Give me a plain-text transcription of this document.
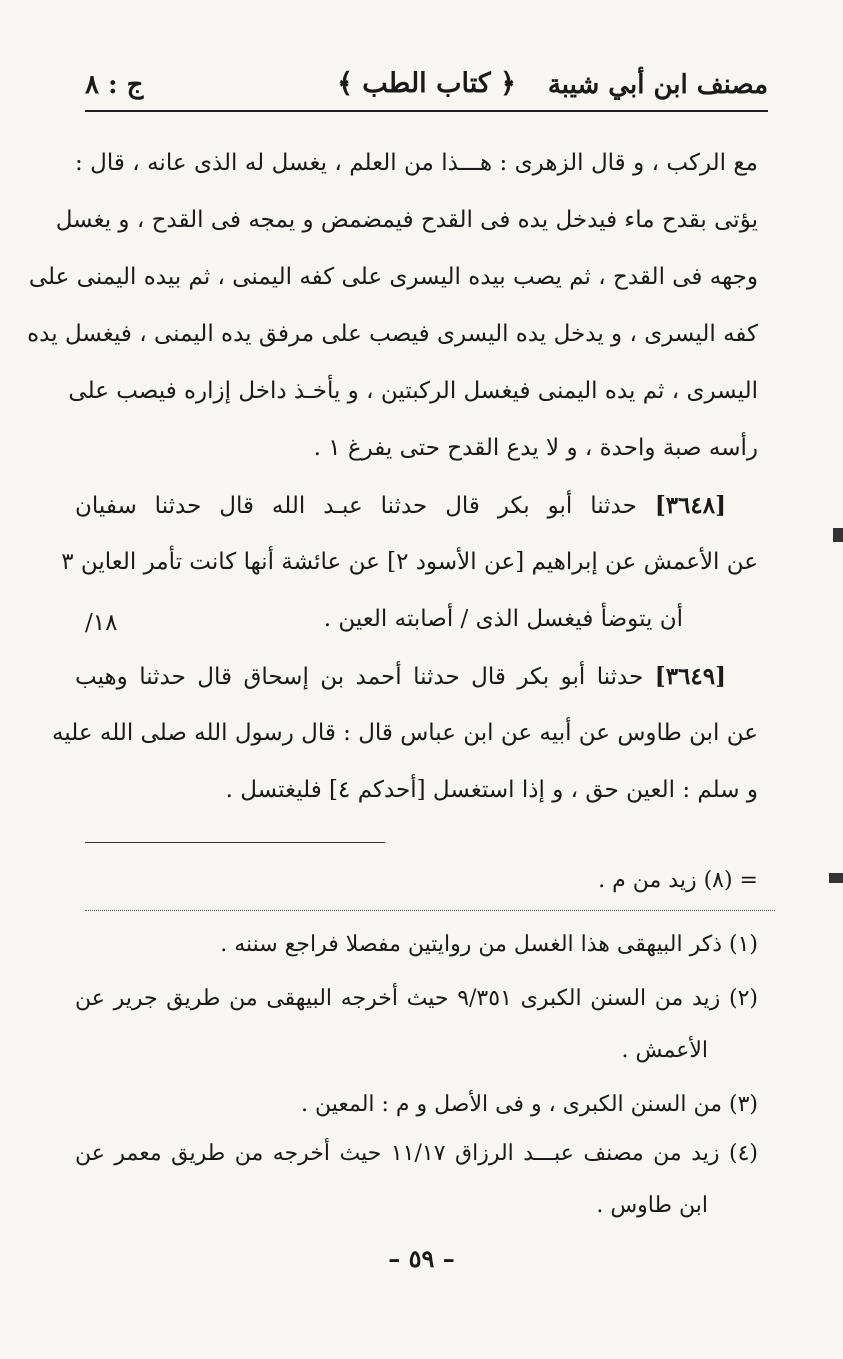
مصنف ابن أبي شيبة
﴿ كتاب الطب ﴾
ج : ٨
مع الركب ، و قال الزهرى : هـــذا من العلم ، يغسل له الذى عانه ، قال :
يؤتى بقدح ماء فيدخل يده فى القدح فيمضمض و يمجه فى القدح ، و يغسل
وجهه فى القدح ، ثم يصب بيده اليسرى على كفه اليمنى ، ثم بيده اليمنى على
كفه اليسرى ، و يدخل يده اليسرى فيصب على مرفق يده اليمنى ، فيغسل يده
اليسرى ، ثم يده اليمنى فيغسل الركبتين ، و يأخـذ داخل إزاره فيصب على
رأسه صبة واحدة ، و لا يدع القدح حتى يفرغ ١ .
[٣٦٤٨] حدثنا أبو بكر قال حدثنا عبـد الله قال حدثنا سفيان
عن الأعمش عن إبراهيم [عن الأسود ٢] عن عائشة أنها كانت تأمر العاين ٣
أن يتوضأ فيغسل الذى / أصابته العين .
١٨/
[٣٦٤٩] حدثنا أبو بكر قال حدثنا أحمد بن إسحاق قال حدثنا وهيب
عن ابن طاوس عن أبيه عن ابن عباس قال : قال رسول الله صلى الله عليه
و سلم : العين حق ، و إذا استغسل [أحدكم ٤] فليغتسل .
= (٨) زيد من م .
(١) ذكر البيهقى هذا الغسل من روايتين مفصلا فراجع سننه .
(٢) زيد من السنن الكبرى ٩/٣٥١ حيث أخرجه البيهقى من طريق جرير عن
الأعمش .
(٣) من السنن الكبرى ، و فى الأصل و م : المعين .
(٤) زيد من مصنف عبـــد الرزاق ١١/١٧ حيث أخرجه من طريق معمر عن
ابن طاوس .
– ٥٩ –
